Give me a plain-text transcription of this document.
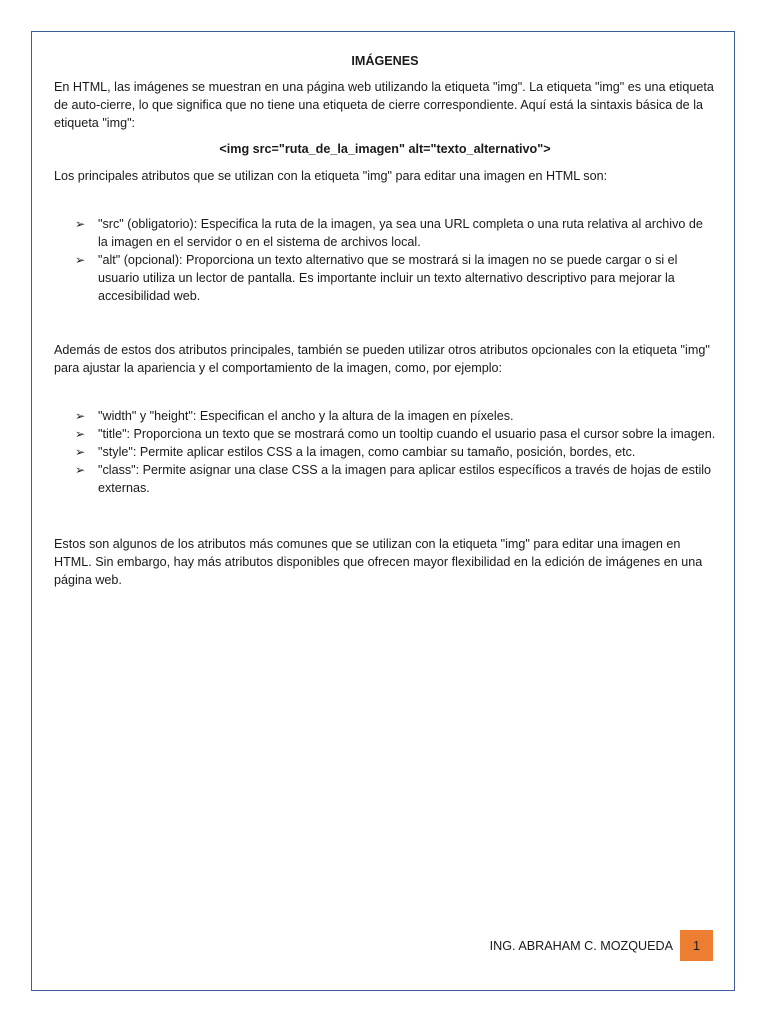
IMÁGENES

En HTML, las imágenes se muestran en una página web utilizando la etiqueta "img". La etiqueta "img" es una etiqueta de auto-cierre, lo que significa que no tiene una etiqueta de cierre correspondiente. Aquí está la sintaxis básica de la etiqueta "img":

<img src="ruta_de_la_imagen" alt="texto_alternativo">

Los principales atributos que se utilizan con la etiqueta "img" para editar una imagen en HTML son:

➢ "src" (obligatorio): Especifica la ruta de la imagen, ya sea una URL completa o una ruta relativa al archivo de la imagen en el servidor o en el sistema de archivos local.
➢ "alt" (opcional): Proporciona un texto alternativo que se mostrará si la imagen no se puede cargar o si el usuario utiliza un lector de pantalla. Es importante incluir un texto alternativo descriptivo para mejorar la accesibilidad web.

Además de estos dos atributos principales, también se pueden utilizar otros atributos opcionales con la etiqueta "img" para ajustar la apariencia y el comportamiento de la imagen, como, por ejemplo:

➢ "width" y "height": Especifican el ancho y la altura de la imagen en píxeles.
➢ "title": Proporciona un texto que se mostrará como un tooltip cuando el usuario pasa el cursor sobre la imagen.
➢ "style": Permite aplicar estilos CSS a la imagen, como cambiar su tamaño, posición, bordes, etc.
➢ "class": Permite asignar una clase CSS a la imagen para aplicar estilos específicos a través de hojas de estilo externas.

Estos son algunos de los atributos más comunes que se utilizan con la etiqueta "img" para editar una imagen en HTML. Sin embargo, hay más atributos disponibles que ofrecen mayor flexibilidad en la edición de imágenes en una página web.

ING. ABRAHAM C. MOZQUEDA	1
